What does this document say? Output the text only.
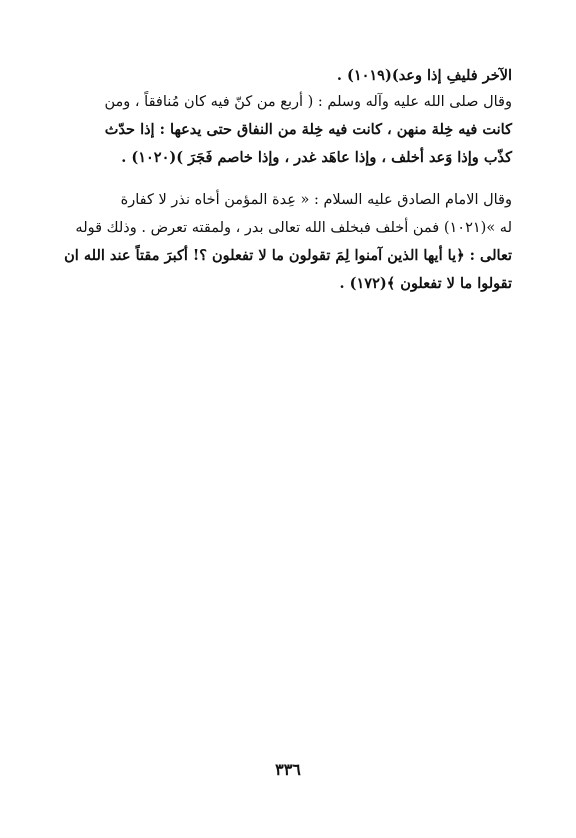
الآخر فليفِ إذا وعد)(١٠١٩) .
وقال صلى الله عليه وآله وسلم : ( أربع من كنّ فيه كان مُنافقاً ، ومن
كانت فيه خِلة منهن ، كانت فيه خِلة من النفاق حتى يدعها : إذا حدّث
كذّب وإذا وَعد أخلف ، وإذا عاهَد غدر ، وإذا خاصم فَجَرَ )(١٠٢٠) .
وقال الامام الصادق عليه السلام : « عِدة المؤمن أخاه نذر لا كفارة
له »(١٠٢١) فمن أخلف فبخلف الله تعالى بدر ، ولمقته تعرض . وذلك قوله
تعالى : ﴿يا أيها الذين آمنوا لِمَ تقولون ما لا تفعلون ؟! أكبرَ مقتاً عند الله ان
تقولوا ما لا تفعلون ﴾(١٧٢) .
٣٣٦
